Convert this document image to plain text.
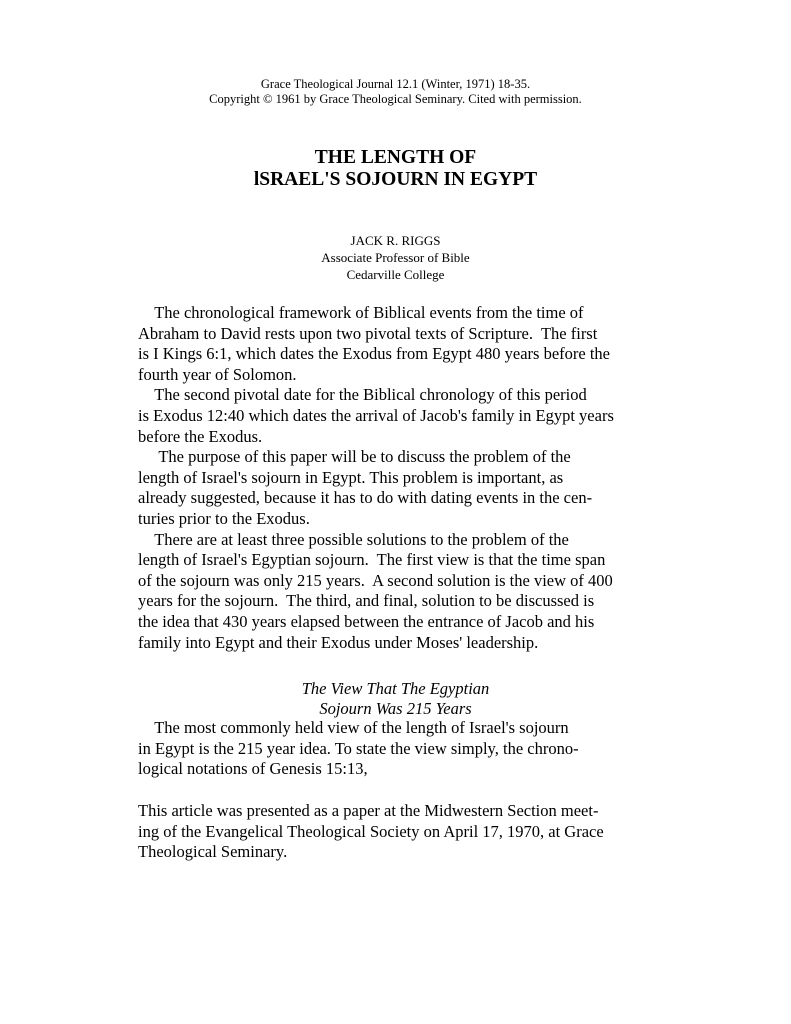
Grace Theological Journal 12.1 (Winter, 1971) 18-35.
Copyright © 1961 by Grace Theological Seminary. Cited with permission.
THE LENGTH OF
lSRAEL'S SOJOURN IN EGYPT
JACK R. RIGGS
Associate Professor of Bible
Cedarville College
The chronological framework of Biblical events from the time of
Abraham to David rests upon two pivotal texts of Scripture.  The first
is I Kings 6:1, which dates the Exodus from Egypt 480 years before the
fourth year of Solomon.
The second pivotal date for the Biblical chronology of this period
is Exodus 12:40 which dates the arrival of Jacob's family in Egypt years
before the Exodus.
The purpose of this paper will be to discuss the problem of the
length of Israel's sojourn in Egypt. This problem is important, as
already suggested, because it has to do with dating events in the cen-
turies prior to the Exodus.
There are at least three possible solutions to the problem of the
length of Israel's Egyptian sojourn.  The first view is that the time span
of the sojourn was only 215 years.  A second solution is the view of 400
years for the sojourn.  The third, and final, solution to be discussed is
the idea that 430 years elapsed between the entrance of Jacob and his
family into Egypt and their Exodus under Moses' leadership.
The View That The Egyptian
Sojourn Was 215 Years
The most commonly held view of the length of Israel's sojourn
in Egypt is the 215 year idea. To state the view simply, the chrono-
logical notations of Genesis 15:13,
This article was presented as a paper at the Midwestern Section meet-
ing of the Evangelical Theological Society on April 17, 1970, at Grace
Theological Seminary.
